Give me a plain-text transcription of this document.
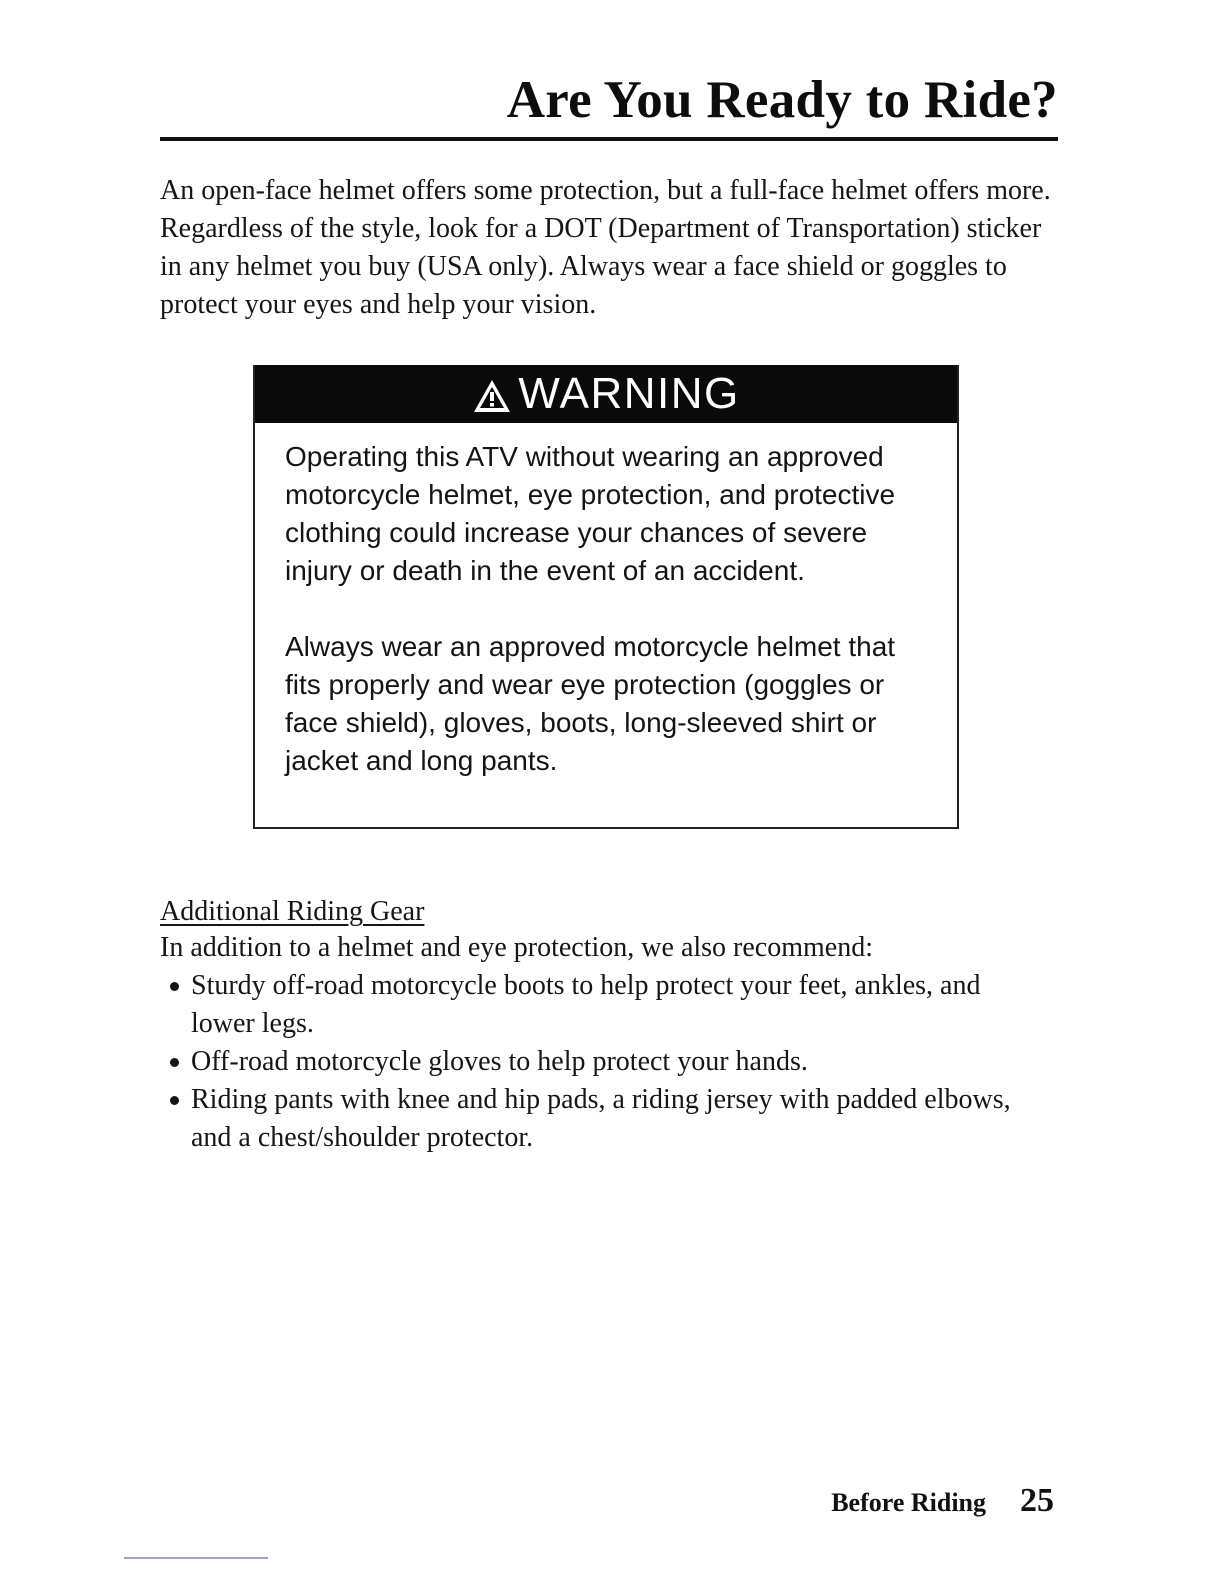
Are You Ready to Ride?

An open-face helmet offers some protection, but a full-face helmet offers more. Regardless of the style, look for a DOT (Department of Transportation) sticker in any helmet you buy (USA only). Always wear a face shield or goggles to protect your eyes and help your vision.

WARNING

Operating this ATV without wearing an approved motorcycle helmet, eye protection, and protective clothing could increase your chances of severe injury or death in the event of an accident.

Always wear an approved motorcycle helmet that fits properly and wear eye protection (goggles or face shield), gloves, boots, long-sleeved shirt or jacket and long pants.

Additional Riding Gear

In addition to a helmet and eye protection, we also recommend:

Sturdy off-road motorcycle boots to help protect your feet, ankles, and lower legs.
Off-road motorcycle gloves to help protect your hands.
Riding pants with knee and hip pads, a riding jersey with padded elbows, and a chest/shoulder protector.
Before Riding 25
